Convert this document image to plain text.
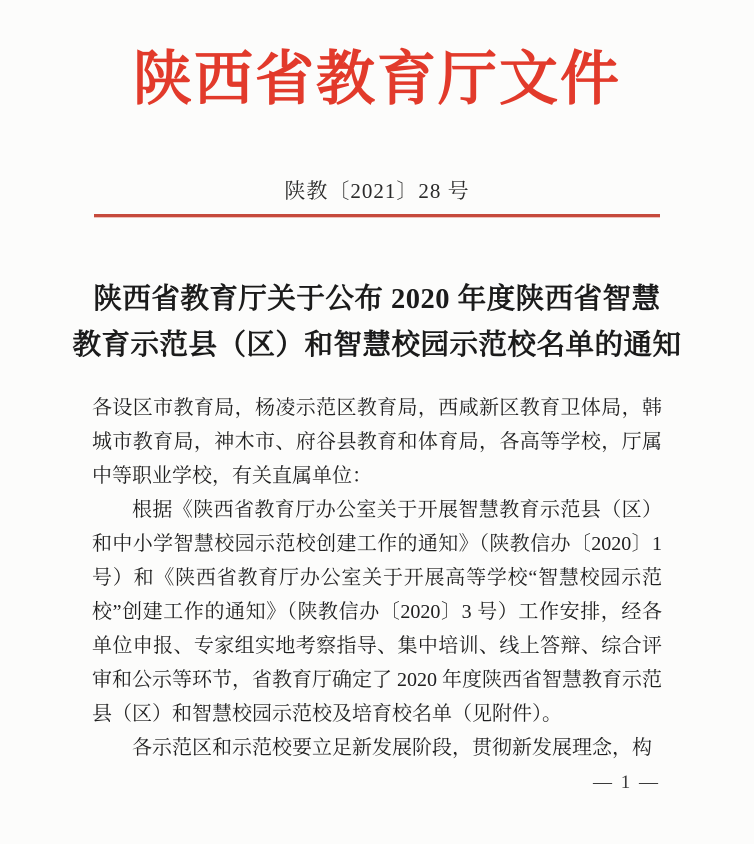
陕西省教育厅文件
陕教〔2021〕28 号
陕西省教育厅关于公布 2020 年度陕西省智慧
教育示范县（区）和智慧校园示范校名单的通知

各设区市教育局，杨凌示范区教育局，西咸新区教育卫体局，韩城市教育局，神木市、府谷县教育和体育局，各高等学校，厅属中等职业学校，有关直属单位：

根据《陕西省教育厅办公室关于开展智慧教育示范县（区）和中小学智慧校园示范校创建工作的通知》（陕教信办〔2020〕1 号）和《陕西省教育厅办公室关于开展高等学校“智慧校园示范校”创建工作的通知》（陕教信办〔2020〕3 号）工作安排，经各单位申报、专家组实地考察指导、集中培训、线上答辩、综合评审和公示等环节，省教育厅确定了 2020 年度陕西省智慧教育示范县（区）和智慧校园示范校及培育校名单（见附件）。

各示范区和示范校要立足新发展阶段，贯彻新发展理念，构

— 1 —
